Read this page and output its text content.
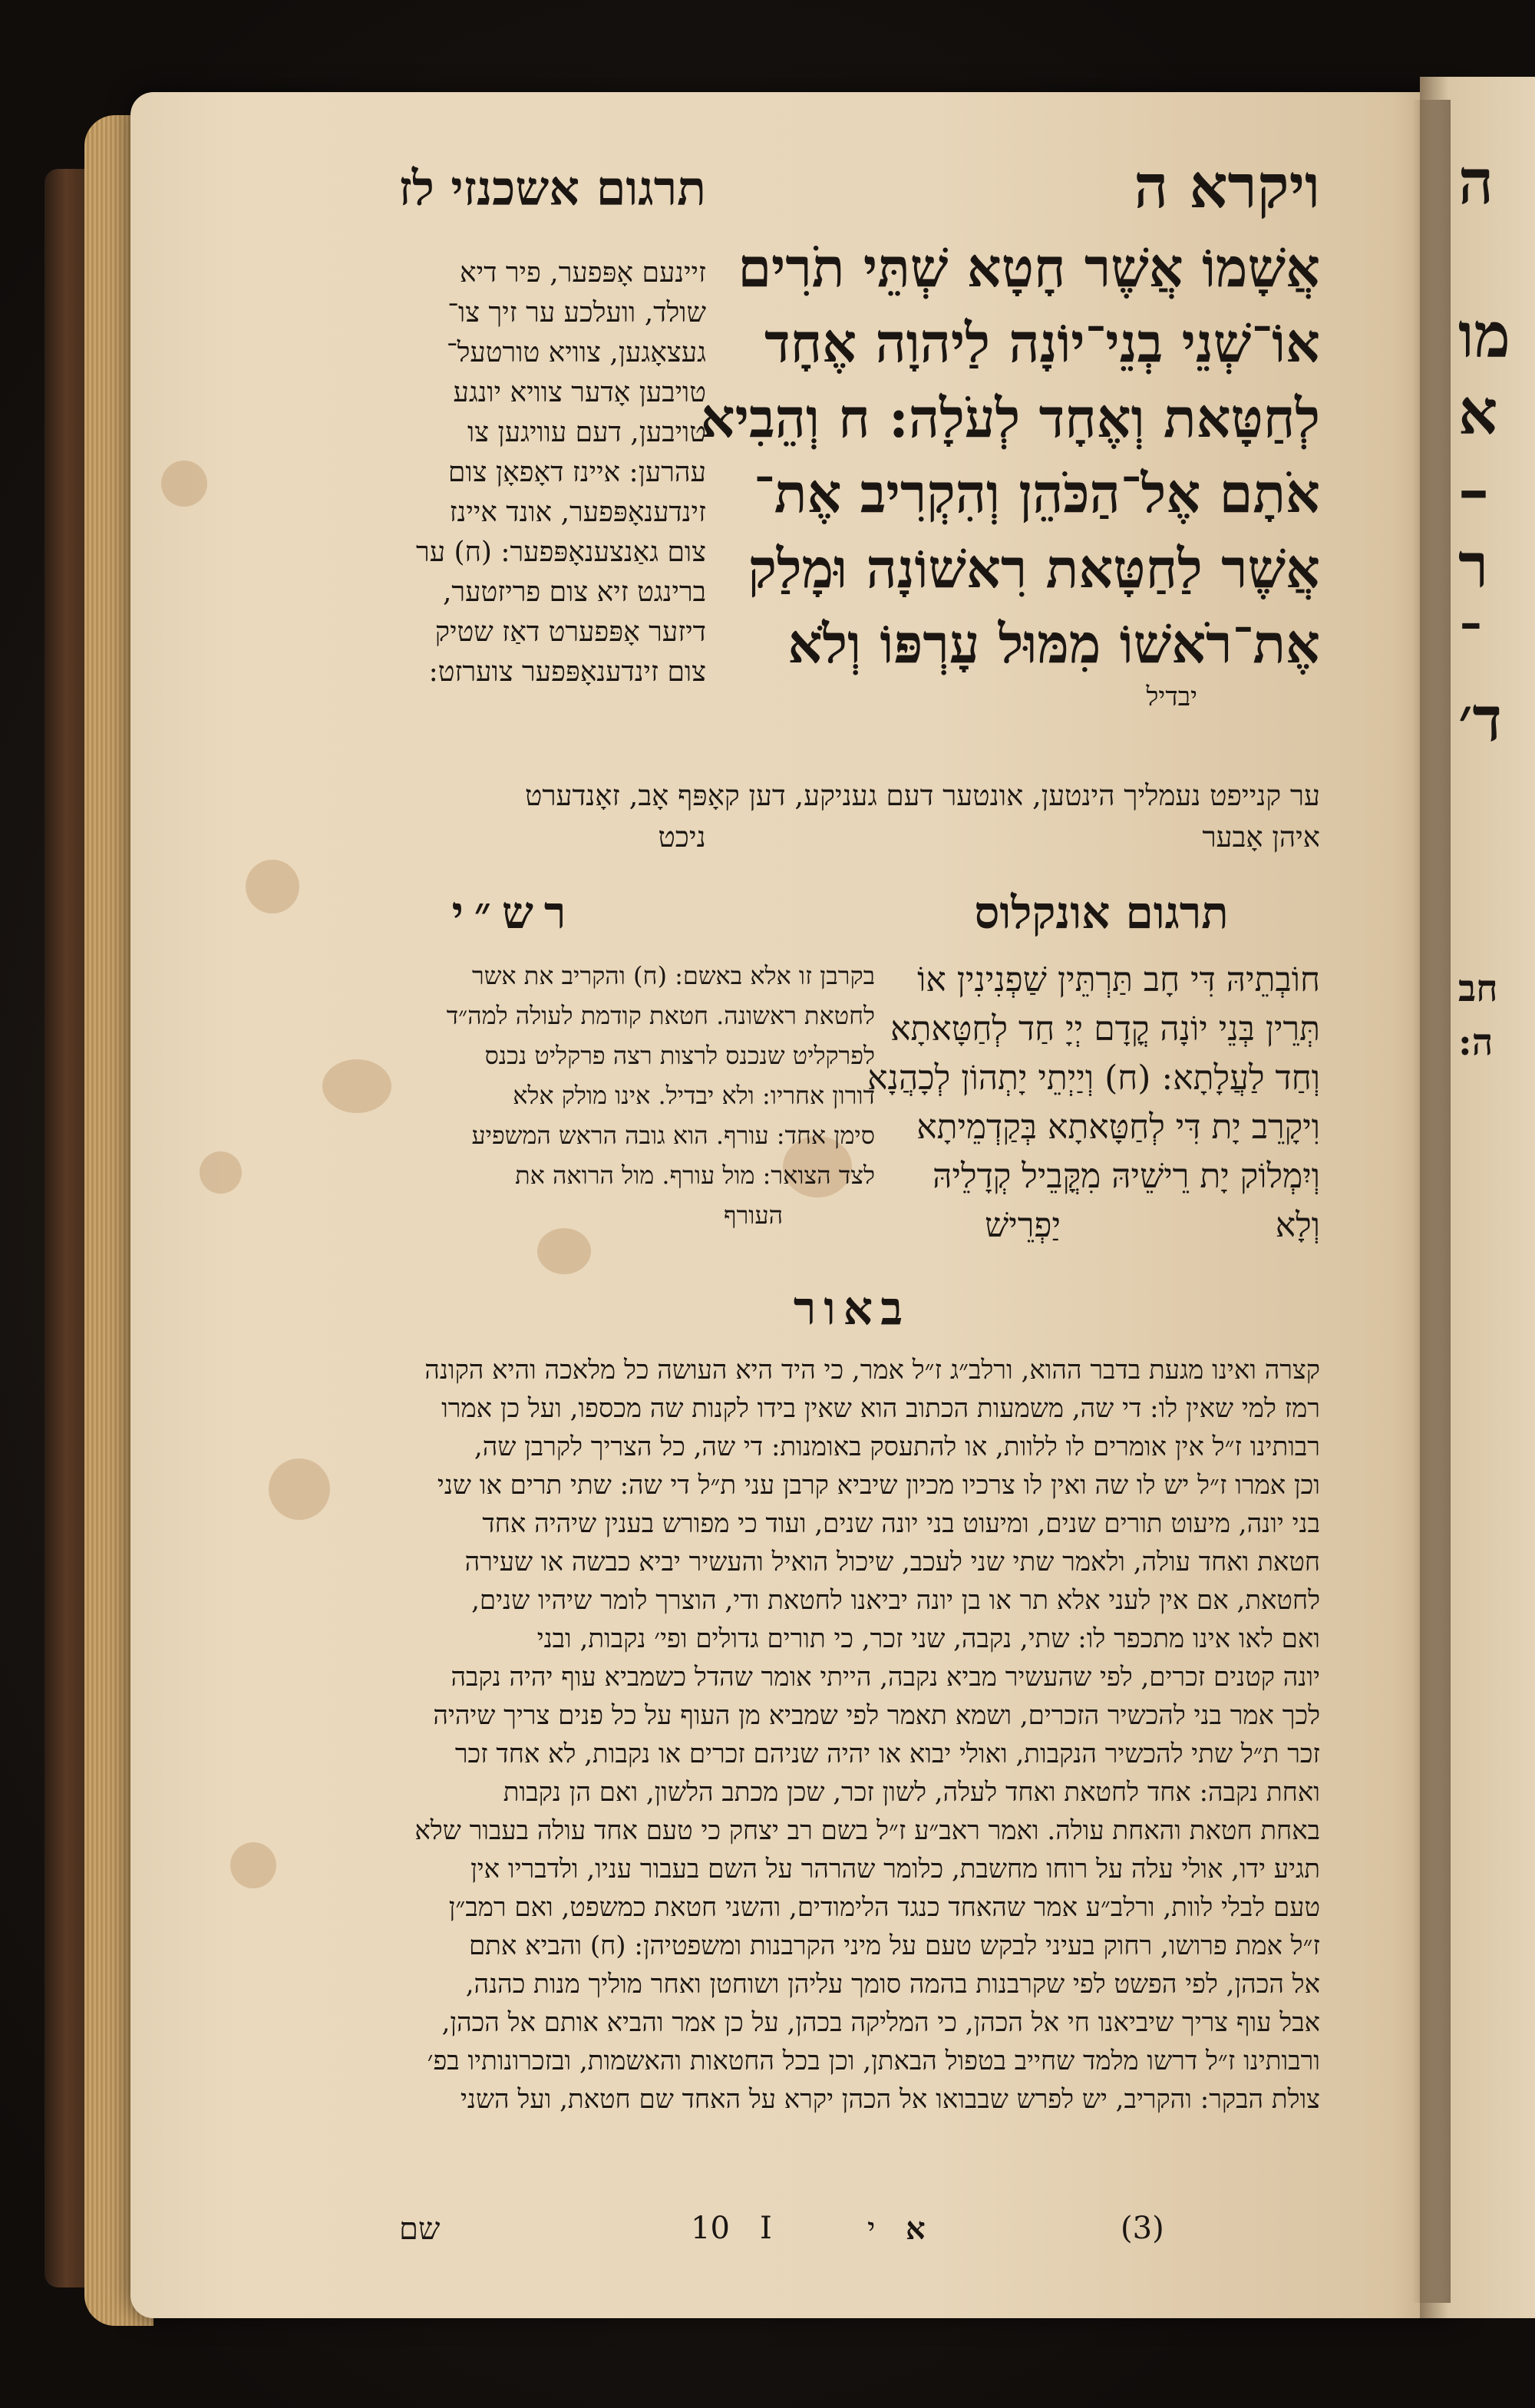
ויקרא ה
תרגום אשכנזי לז
אֲשָׁמוֹ אֲשֶׁר חָטָא שְׁתֵּי תֹרִים
אוֹ־שְׁנֵי בְנֵי־יוֹנָה לַיהוָה אֶחָד
לְחַטָּאת וְאֶחָד לְעֹלָה: ח וְהֵבִיא
אֹתָם אֶל־הַכֹּהֵן וְהִקְרִיב אֶת־
אֲשֶׁר לַחַטָּאת רִאשׁוֹנָה וּמָלַק
אֶת־רֹאשׁוֹ מִמּוּל עָרְפּוֹ וְלֹא
יבדיל
זיינעם אָפּפער, פיר דיא
שולד, וועלכע ער זיך צו־
געצאָגען, צוויא טורטעל־
טויבען אָדער צוויא יונגע
טויבען, דעם עוויגען צו
עהרען: איינז דאָפאָן צום
זינדענאָפּפער, אונד איינז
צום גאַנצענאָפּפער: (ח) ער
ברינגט זיא צום פריזטער,
דיזער אָפּפערט דאַז שטיק
צום זינדענאָפּפער צוערזט:
ער קנייפט נעמליך הינטען, אונטער דעם געניקע, דען קאָפּף אָב, זאָנדערט
איהן אָבער                                                       ניכט
תרגום אונקלוס
רש״י
חוֹבְתֵיהּ דִּי חָב תַּרְתֵּין שַׁפְנִינִין אוֹ
תְּרֵין בְּנֵי יוֹנָה קֳדָם יְיָ חַד לְחַטָּאתָא
וְחַד לַעֲלָתָא: (ח) וְיַיְתֵי יָתְהוֹן לְכָהֲנָא
וִיקָרֵב יָת דִּי לְחַטָּאתָא בְּקַדְמֵיתָא
וְיִמְלוֹק יָת רֵישֵׁיהּ מִקֳּבֵיל קְדָלֵיהּ
וְלָא                    יַפְרֵישׁ
בקרבן זו אלא באשם: (ח) והקריב את אשר
לחטאת ראשונה. חטאת קודמת לעולה למה״ד
לפרקליט שנכנס לרצות רצה פרקליט נכנס
דורון אחריו: ולא יבדיל. אינו מולק אלא
סימן אחד: עורף. הוא גובה הראש המשפיע
לצד הצואר: מול עורף. מול הרואה את
העורף
באור
קצרה ואינו מגעת בדבר ההוא, ורלב״ג ז״ל אמר, כי היד היא העושה כל מלאכה והיא הקונה
רמז למי שאין לו: די שה, משמעות הכתוב הוא שאין בידו לקנות שה מכספו, ועל כן אמרו
רבותינו ז״ל אין אומרים לו ללוות, או להתעסק באומנות: די שה, כל הצריך לקרבן שה,
וכן אמרו ז״ל יש לו שה ואין לו צרכיו מכיון שיביא קרבן עני ת״ל די שה: שתי תרים או שני
בני יונה, מיעוט תורים שנים, ומיעוט בני יונה שנים, ועוד כי מפורש בענין שיהיה אחד
חטאת ואחד עולה, ולאמר שתי שני לעכב, שיכול הואיל והעשיר יביא כבשה או שעירה
לחטאת, אם אין לעני אלא תר או בן יונה יביאנו לחטאת ודי, הוצרך לומר שיהיו שנים,
ואם לאו אינו מתכפר לו: שתי, נקבה, שני זכר, כי תורים גדולים ופי׳ נקבות, ובני
יונה קטנים זכרים, לפי שהעשיר מביא נקבה, הייתי אומר שהדל כשמביא עוף יהיה נקבה
לכך אמר בני להכשיר הזכרים, ושמא תאמר לפי שמביא מן העוף על כל פנים צריך שיהיה
זכר ת״ל שתי להכשיר הנקבות, ואולי יבוא או יהיה שניהם זכרים או נקבות, לא אחד זכר
ואחת נקבה: אחד לחטאת ואחד לעלה, לשון זכר, שכן מכתב הלשון, ואם הן נקבות
באחת חטאת והאחת עולה. ואמר ראב״ע ז״ל בשם רב יצחק כי טעם אחד עולה בעבור שלא
תגיע ידו, אולי עלה על רוחו מחשבת, כלומר שהרהר על השם בעבור עניו, ולדבריו אין
טעם לבלי לוות, ורלב״ע אמר שהאחד כנגד הלימודים, והשני חטאת כמשפט, ואם רמב״ן
ז״ל אמת פרושו, רחוק בעיני לבקש טעם על מיני הקרבנות ומשפטיהן: (ח) והביא אתם
אל הכהן, לפי הפשט לפי שקרבנות בהמה סומך עליהן ושוחטן ואחר מוליך מנות כהנה,
אבל עוף צריך שיביאנו חי אל הכהן, כי המליקה בכהן, על כן אמר והביא אותם אל הכהן,
ורבותינו ז״ל דרשו מלמד שחייב בטפול הבאתן, וכן בכל החטאות והאשמות, ובזכרונותיו בפ׳
צולת הבקר: והקריב, יש לפרש שבבואו אל הכהן יקרא על האחד שם חטאת, ועל השני
שם	10 I	י א	(3)
ה
מו
א
–
ר
־
ד׳
חב
ה:
